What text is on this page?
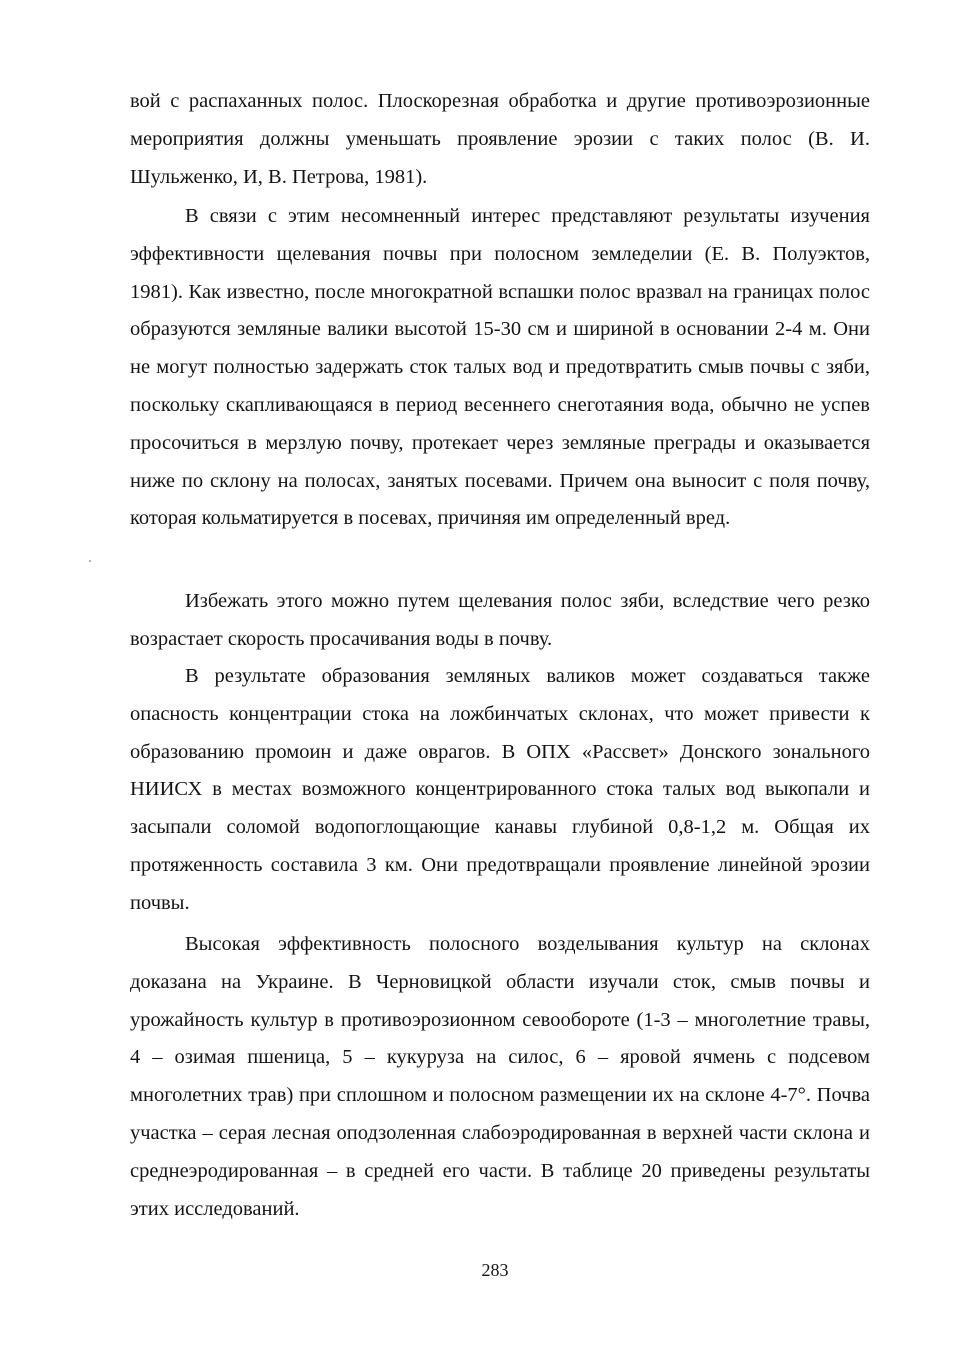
вой с распаханных полос. Плоскорезная обработка и другие противоэрозионные мероприятия должны уменьшать проявление эрозии с таких полос (В. И. Шульженко, И, В. Петрова, 1981).

В связи с этим несомненный интерес представляют результаты изучения эффективности щелевания почвы при полосном земледелии (Е. В. Полуэктов, 1981). Как известно, после многократной вспашки полос вразвал на границах полос образуются земляные валики высотой 15-30 см и шириной в основании 2-4 м. Они не могут полностью задержать сток талых вод и предотвратить смыв почвы с зяби, поскольку скапливающаяся в период весеннего снеготаяния вода, обычно не успев просочиться в мерзлую почву, протекает через земляные преграды и оказывается ниже по склону на полосах, занятых посевами. Причем она выносит с поля почву, которая кольматируется в посевах, причиняя им определенный вред.

Избежать этого можно путем щелевания полос зяби, вследствие чего резко возрастает скорость просачивания воды в почву.

В результате образования земляных валиков может создаваться также опасность концентрации стока на ложбинчатых склонах, что может привести к образованию промоин и даже оврагов. В ОПХ «Рассвет» Донского зонального НИИСХ в местах возможного концентрированного стока талых вод выкопали и засыпали соломой водопоглощающие канавы глубиной 0,8-1,2 м. Общая их протяженность составила 3 км. Они предотвращали проявление линейной эрозии почвы.

Высокая эффективность полосного возделывания культур на склонах доказана на Украине. В Черновицкой области изучали сток, смыв почвы и урожайность культур в противоэрозионном севообороте (1-3 – многолетние травы, 4 – озимая пшеница, 5 – кукуруза на силос, 6 – яровой ячмень с подсевом многолетних трав) при сплошном и полосном размещении их на склоне 4-7°. Почва участка – серая лесная оподзоленная слабоэродированная в верхней части склона и среднеэродированная – в средней его части. В таблице 20 приведены результаты этих исследований.

283
